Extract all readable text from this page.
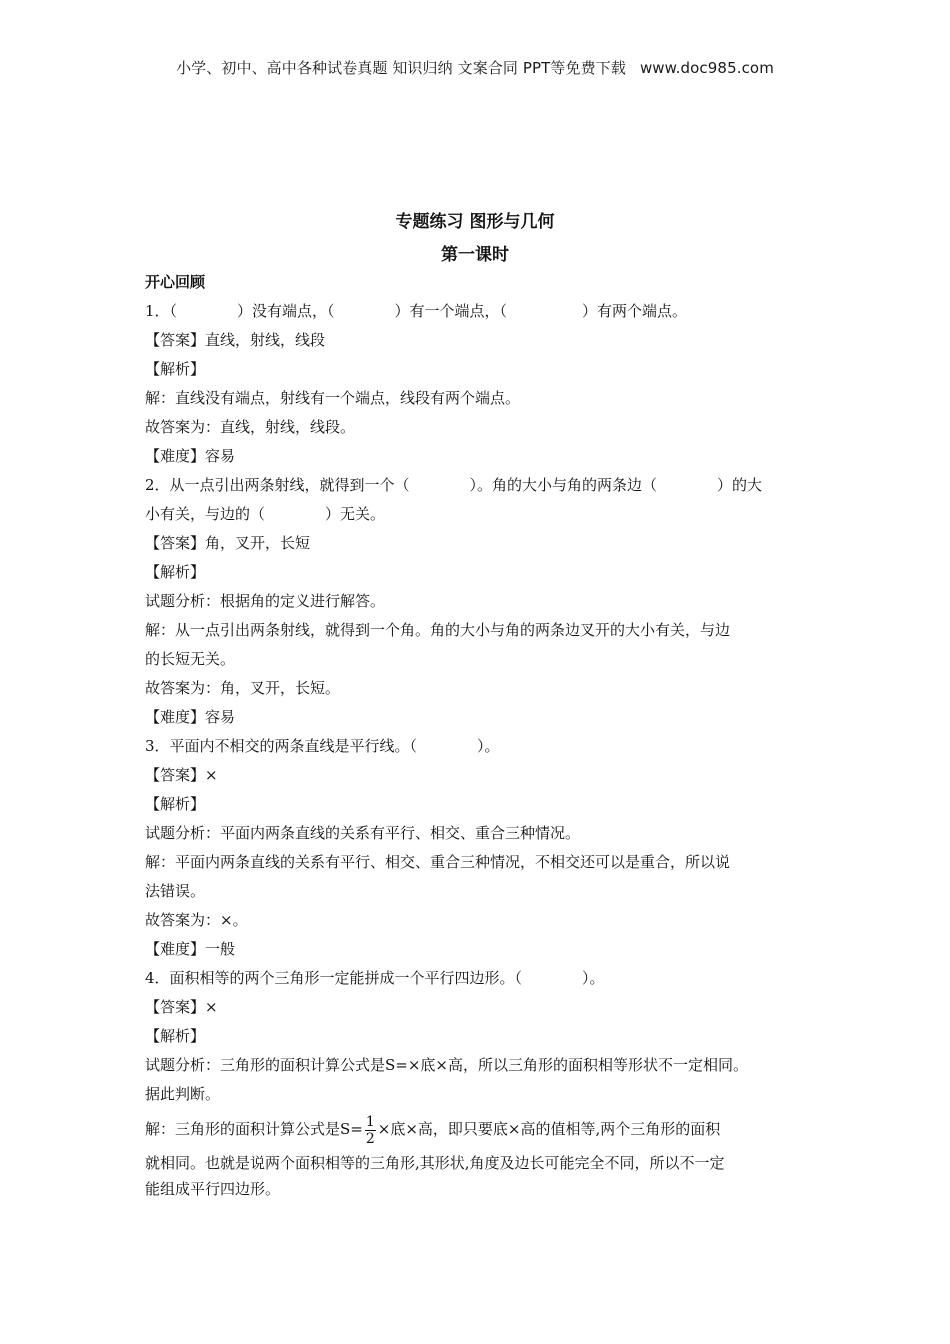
小学、初中、高中各种试卷真题 知识归纳 文案合同 PPT等免费下载 www.doc985.com
专题练习 图形与几何
第一课时

开心回顾

1．（　　　　）没有端点，（　　　　）有一个端点，（　　　　　）有两个端点。

【答案】直线，射线，线段

【解析】

解：直线没有端点，射线有一个端点，线段有两个端点。

故答案为：直线，射线，线段。

【难度】容易

2．从一点引出两条射线，就得到一个（　　　　）。角的大小与角的两条边（　　　　）的大

小有关，与边的（　　　　）无关。

【答案】角，叉开，长短

【解析】

试题分析：根据角的定义进行解答。

解：从一点引出两条射线，就得到一个角。角的大小与角的两条边叉开的大小有关，与边

的长短无关。

故答案为：角，叉开，长短。

【难度】容易

3．平面内不相交的两条直线是平行线。（　　　　）。

【答案】×

【解析】

试题分析：平面内两条直线的关系有平行、相交、重合三种情况。

解：平面内两条直线的关系有平行、相交、重合三种情况，不相交还可以是重合，所以说

法错误。

故答案为：×。

【难度】一般

4．面积相等的两个三角形一定能拼成一个平行四边形。（　　　　）。

【答案】×

【解析】

试题分析：三角形的面积计算公式是S=×底×高，所以三角形的面积相等形状不一定相同。

据此判断。

解：三角形的面积计算公式是$S= \frac{1}{2}$ ×底×高，即只要底×高的值相等,两个三角形的面积

就相同。也就是说两个面积相等的三角形,其形状,角度及边长可能完全不同，所以不一定

能组成平行四边形。
